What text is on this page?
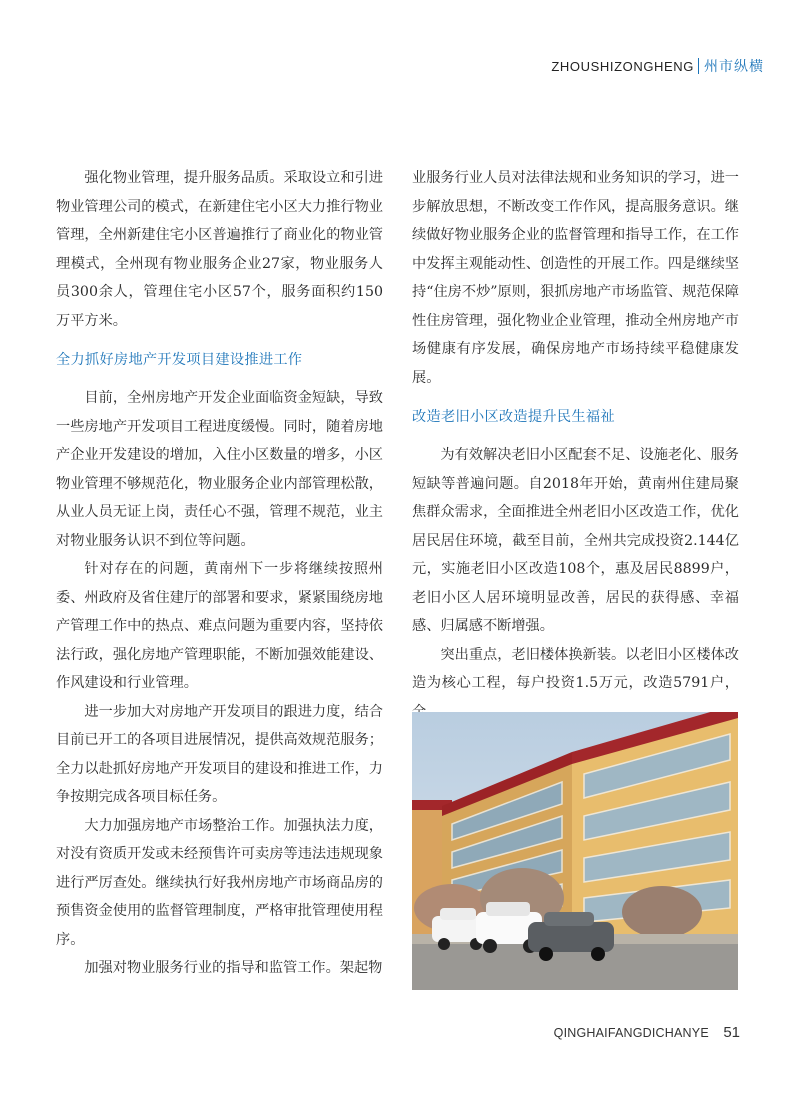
ZHOUSHIZONGHENG 州市纵横

强化物业管理，提升服务品质。采取设立和引进物业管理公司的模式，在新建住宅小区大力推行物业管理，全州新建住宅小区普遍推行了商业化的物业管理模式，全州现有物业服务企业27家，物业服务人员300余人，管理住宅小区57个，服务面积约150万平方米。

全力抓好房地产开发项目建设推进工作

目前，全州房地产开发企业面临资金短缺，导致一些房地产开发项目工程进度缓慢。同时，随着房地产企业开发建设的增加，入住小区数量的增多，小区物业管理不够规范化，物业服务企业内部管理松散，从业人员无证上岗，责任心不强，管理不规范，业主对物业服务认识不到位等问题。

针对存在的问题，黄南州下一步将继续按照州委、州政府及省住建厅的部署和要求，紧紧围绕房地产管理工作中的热点、难点问题为重要内容，坚持依法行政，强化房地产管理职能，不断加强效能建设、作风建设和行业管理。

进一步加大对房地产开发项目的跟进力度，结合目前已开工的各项目进展情况，提供高效规范服务；全力以赴抓好房地产开发项目的建设和推进工作，力争按期完成各项目标任务。

大力加强房地产市场整治工作。加强执法力度，对没有资质开发或未经预售许可卖房等违法违规现象进行严厉查处。继续执行好我州房地产市场商品房的预售资金使用的监督管理制度，严格审批管理使用程序。

加强对物业服务行业的指导和监管工作。架起物

业服务行业人员对法律法规和业务知识的学习，进一步解放思想，不断改变工作作风，提高服务意识。继续做好物业服务企业的监督管理和指导工作，在工作中发挥主观能动性、创造性的开展工作。四是继续坚持“住房不炒”原则，狠抓房地产市场监管、规范保障性住房管理，强化物业企业管理，推动全州房地产市场健康有序发展，确保房地产市场持续平稳健康发展。

改造老旧小区改造提升民生福祉

为有效解决老旧小区配套不足、设施老化、服务短缺等普遍问题。自2018年开始，黄南州住建局聚焦群众需求，全面推进全州老旧小区改造工作，优化居民居住环境，截至目前，全州共完成投资2.144亿元，实施老旧小区改造108个，惠及居民8899户，老旧小区人居环境明显改善，居民的获得感、幸福感、归属感不断增强。

突出重点，老旧楼体换新装。以老旧小区楼体改造为核心工程，每户投资1.5万元，改造5791户，

QINGHAIFANGDICHANYE 51
